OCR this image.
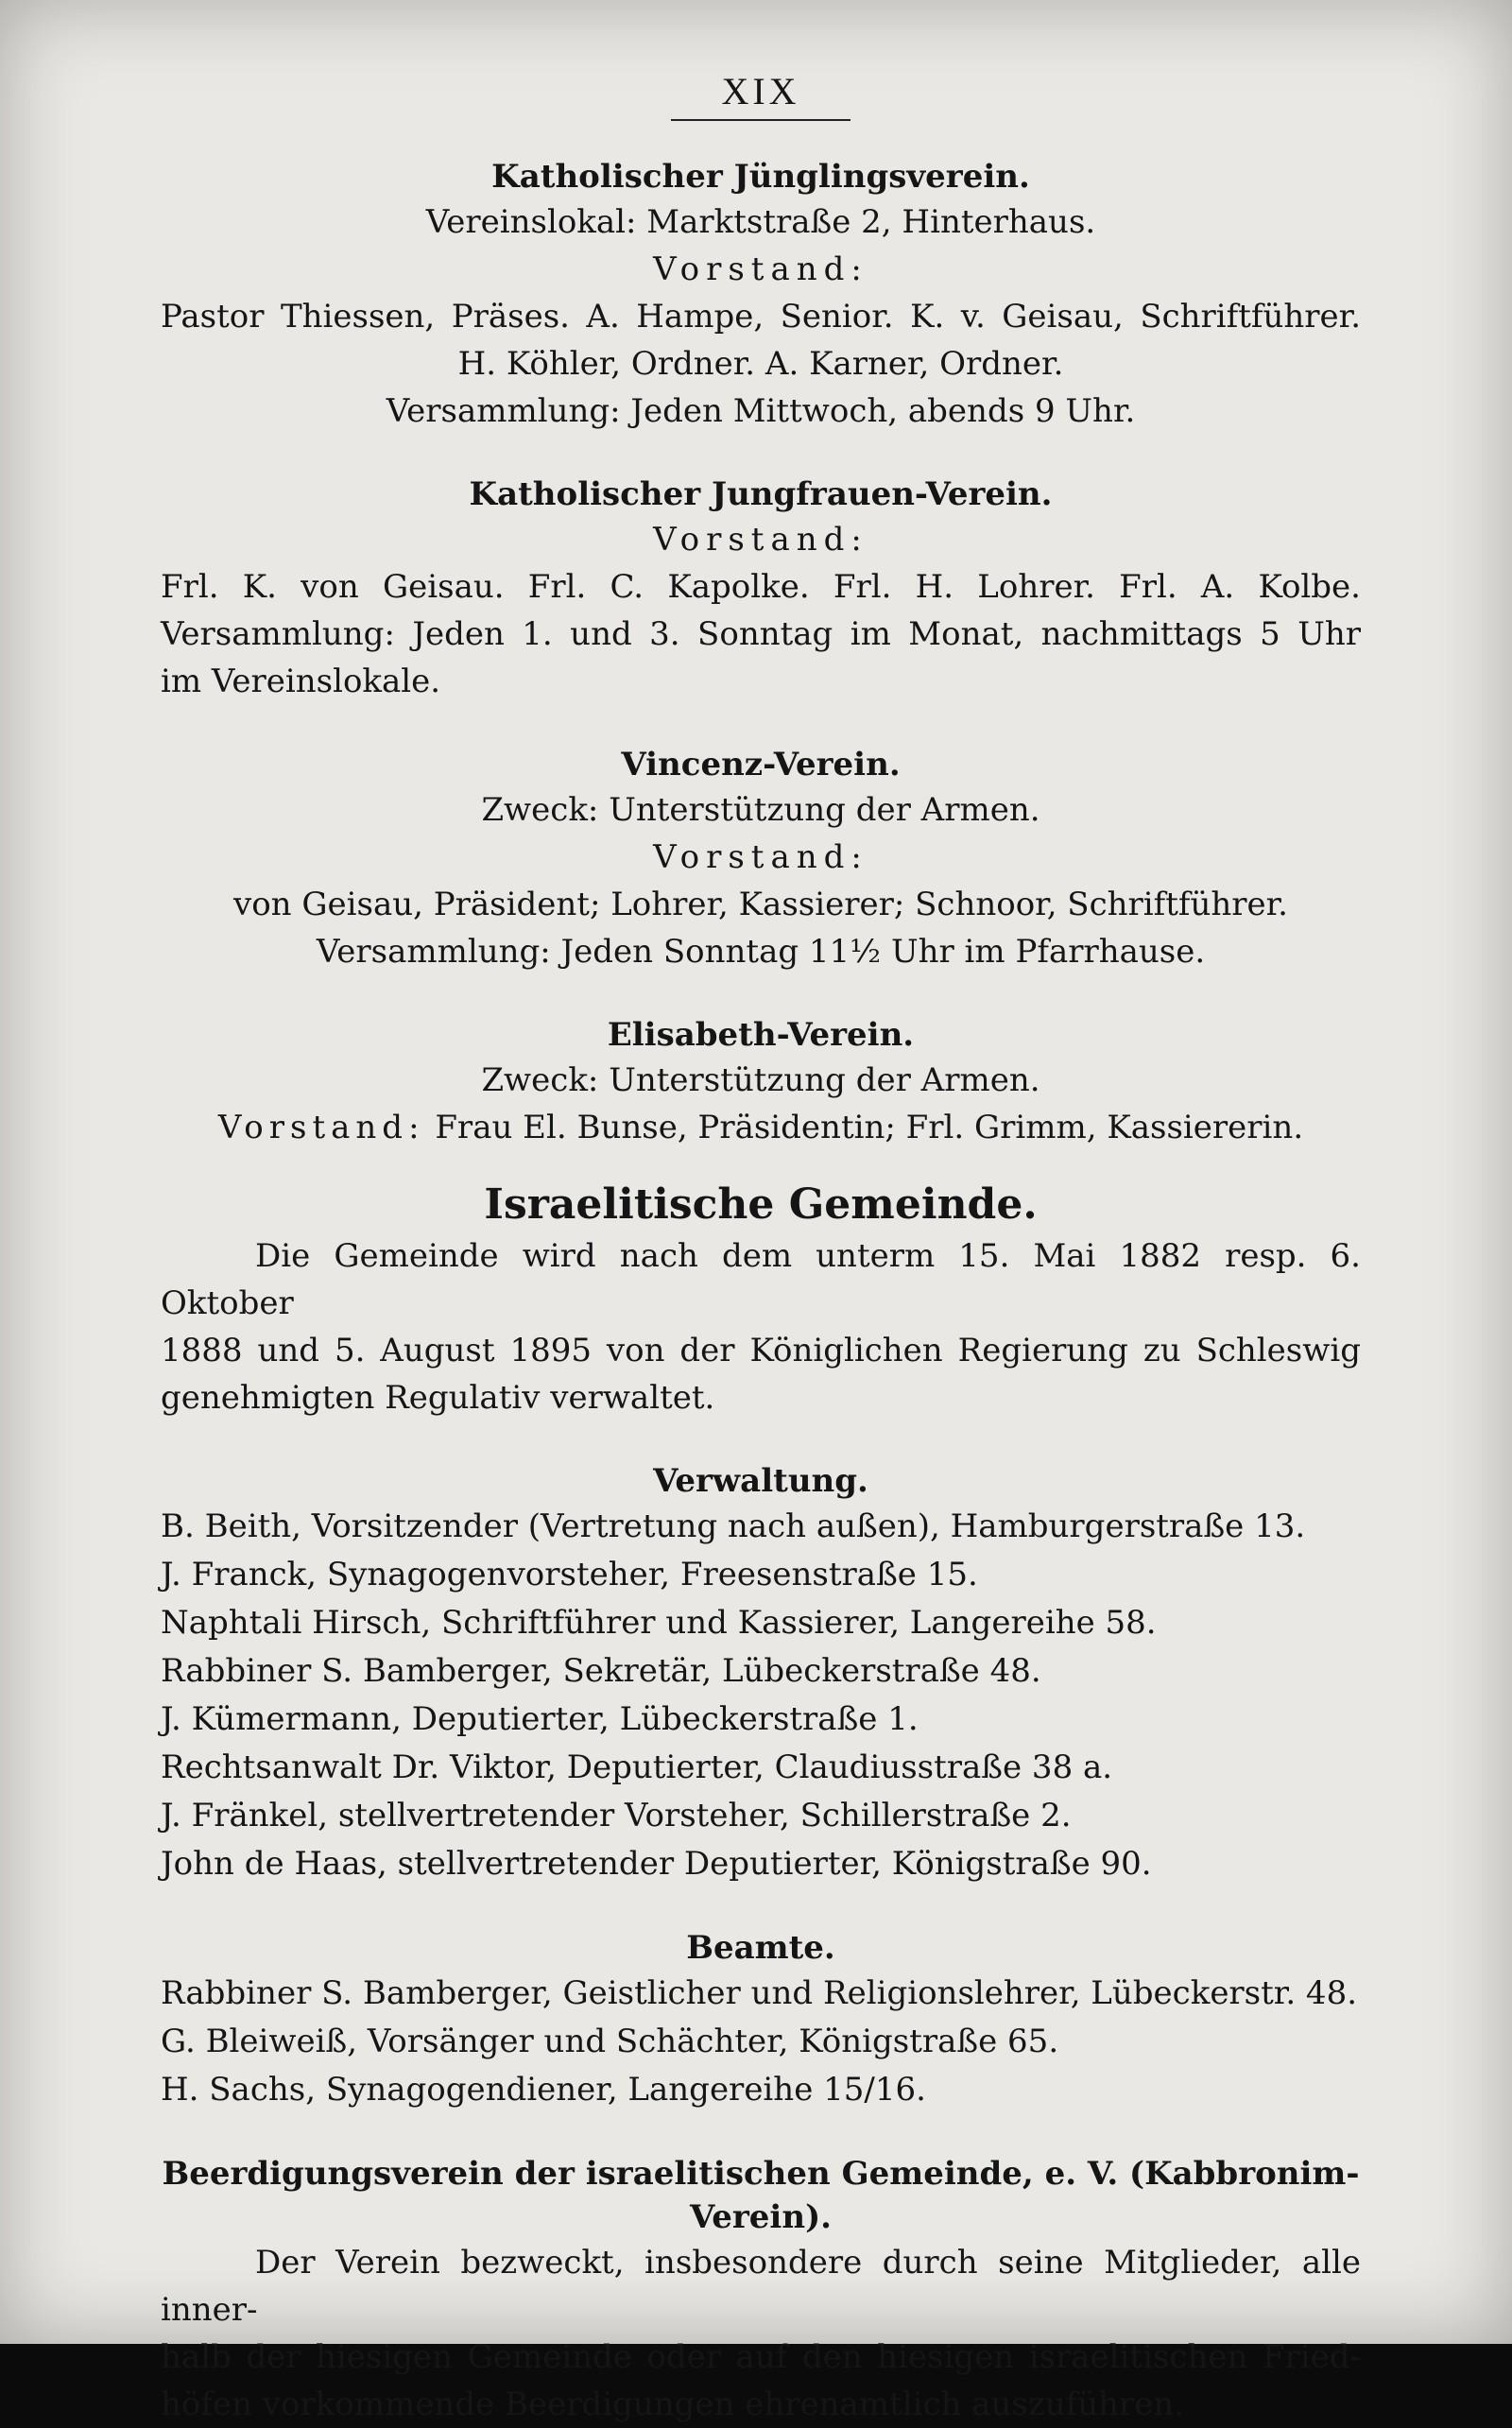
XIX
Katholischer Jünglingsverein.
Vereinslokal: Marktstraße 2, Hinterhaus.
Vorstand:
Pastor Thiessen, Präses. A. Hampe, Senior. K. v. Geisau, Schriftführer.
H. Köhler, Ordner. A. Karner, Ordner.
Versammlung: Jeden Mittwoch, abends 9 Uhr.
Katholischer Jungfrauen-Verein.
Vorstand:
Frl. K. von Geisau. Frl. C. Kapolke. Frl. H. Lohrer. Frl. A. Kolbe.
Versammlung: Jeden 1. und 3. Sonntag im Monat, nachmittags 5 Uhr
im Vereinslokale.
Vincenz-Verein.
Zweck: Unterstützung der Armen.
Vorstand:
von Geisau, Präsident; Lohrer, Kassierer; Schnoor, Schriftführer.
Versammlung: Jeden Sonntag 11½ Uhr im Pfarrhause.
Elisabeth-Verein.
Zweck: Unterstützung der Armen.
Vorstand: Frau El. Bunse, Präsidentin; Frl. Grimm, Kassiererin.
Israelitische Gemeinde.
Die Gemeinde wird nach dem unterm 15. Mai 1882 resp. 6. Oktober
1888 und 5. August 1895 von der Königlichen Regierung zu Schleswig
genehmigten Regulativ verwaltet.
Verwaltung.
B. Beith, Vorsitzender (Vertretung nach außen), Hamburgerstraße 13.
J. Franck, Synagogenvorsteher, Freesenstraße 15.
Naphtali Hirsch, Schriftführer und Kassierer, Langereihe 58.
Rabbiner S. Bamberger, Sekretär, Lübeckerstraße 48.
J. Kümermann, Deputierter, Lübeckerstraße 1.
Rechtsanwalt Dr. Viktor, Deputierter, Claudiusstraße 38 a.
J. Fränkel, stellvertretender Vorsteher, Schillerstraße 2.
John de Haas, stellvertretender Deputierter, Königstraße 90.
Beamte.
Rabbiner S. Bamberger, Geistlicher und Religionslehrer, Lübeckerstr. 48.
G. Bleiweiß, Vorsänger und Schächter, Königstraße 65.
H. Sachs, Synagogendiener, Langereihe 15/16.
Beerdigungsverein der israelitischen Gemeinde, e. V. (Kabbronim-Verein).
Der Verein bezweckt, insbesondere durch seine Mitglieder, alle inner-
halb der hiesigen Gemeinde oder auf den hiesigen israelitischen Fried-
höfen vorkommende Beerdigungen ehrenamtlich auszuführen.
